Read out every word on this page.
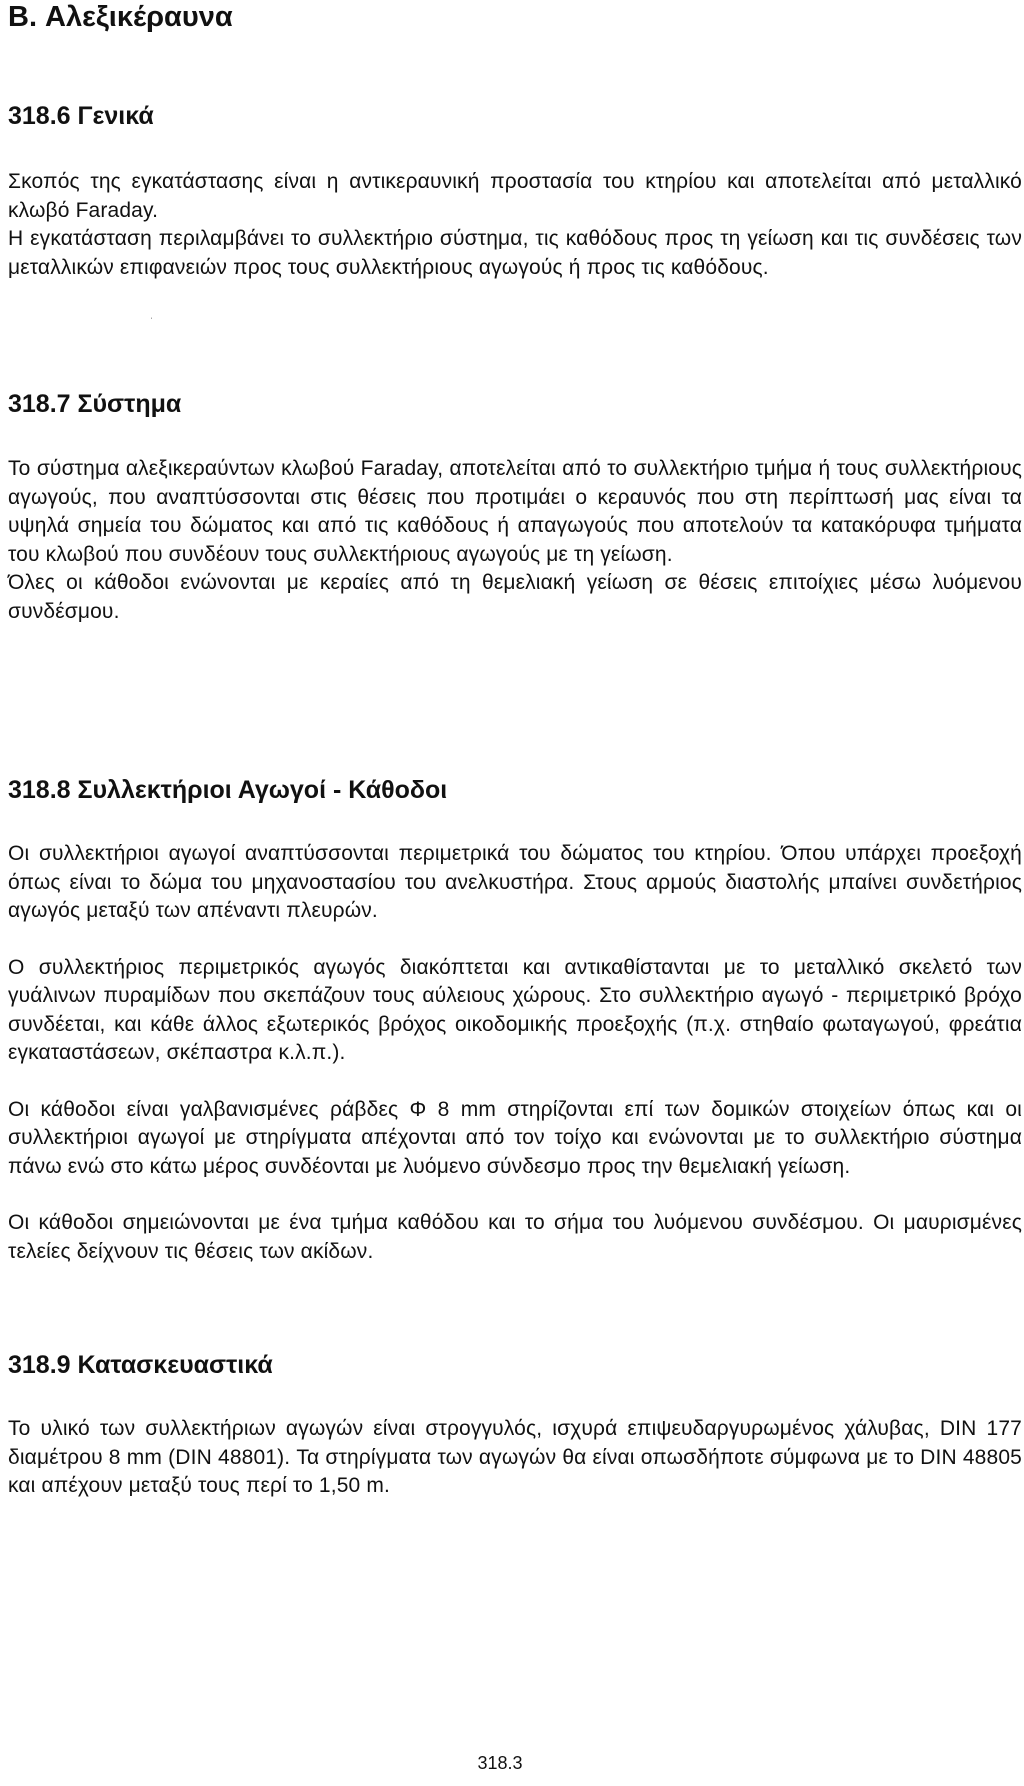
B. Αλεξικέραυνα
318.6 Γενικά

Σκοπός της εγκατάστασης είναι η αντικεραυνική προστασία του κτηρίου και αποτελείται από μεταλλικό κλωβό Faraday.

Η εγκατάσταση περιλαμβάνει το συλλεκτήριο σύστημα, τις καθόδους προς τη γείωση και τις συνδέσεις των μεταλλικών επιφανειών προς τους συλλεκτήριους αγωγούς ή προς τις καθόδους.

ˌ
318.7 Σύστημα

Το σύστημα αλεξικεραύντων κλωβού Faraday, αποτελείται από το συλλεκτήριο τμήμα ή τους συλλεκτήριους αγωγούς, που αναπτύσσονται στις θέσεις που προτιμάει ο κεραυνός που στη περίπτωσή μας είναι τα υψηλά σημεία του δώματος και από τις καθόδους ή απαγωγούς που αποτελούν τα κατακόρυφα τμήματα του κλωβού που συνδέουν τους συλλεκτήριους αγωγούς με τη γείωση.

Όλες οι κάθοδοι ενώνονται με κεραίες από τη θεμελιακή γείωση σε θέσεις επιτοίχιες μέσω λυόμενου συνδέσμου.

318.8 Συλλεκτήριοι Αγωγοί - Κάθοδοι

Οι συλλεκτήριοι αγωγοί αναπτύσσονται περιμετρικά του δώματος του κτηρίου. Όπου υπάρχει προεξοχή όπως είναι το δώμα του μηχανοστασίου του ανελκυστήρα. Στους αρμούς διαστολής μπαίνει συνδετήριος αγωγός μεταξύ των απέναντι πλευρών.

Ο συλλεκτήριος περιμετρικός αγωγός διακόπτεται και αντικαθίστανται με το μεταλλικό σκελετό των γυάλινων πυραμίδων που σκεπάζουν τους αύλειους χώρους. Στο συλλεκτήριο αγωγό - περιμετρικό βρόχο συνδέεται, και κάθε άλλος εξωτερικός βρόχος οικοδομικής προεξοχής (π.χ. στηθαίο φωταγωγού, φρεάτια εγκαταστάσεων, σκέπαστρα κ.λ.π.).

Οι κάθοδοι είναι γαλβανισμένες ράβδες Φ 8 mm στηρίζονται επί των δομικών στοιχείων όπως και οι συλλεκτήριοι αγωγοί με στηρίγματα απέχονται από τον τοίχο και ενώνονται με το συλλεκτήριο σύστημα πάνω ενώ στο κάτω μέρος συνδέονται με λυόμενο σύνδεσμο προς την θεμελιακή γείωση.

Οι κάθοδοι σημειώνονται με ένα τμήμα καθόδου και το σήμα του λυόμενου συνδέσμου. Οι μαυρισμένες τελείες δείχνουν τις θέσεις των ακίδων.

318.9 Κατασκευαστικά

Το υλικό των συλλεκτήριων αγωγών είναι στρογγυλός, ισχυρά επιψευδαργυρωμένος χάλυβας, DIN 177 διαμέτρου 8 mm (DIN 48801). Τα στηρίγματα των αγωγών θα είναι οπωσδήποτε σύμφωνα με το DIN 48805 και απέχουν μεταξύ τους περί το 1,50 m.

318.3
